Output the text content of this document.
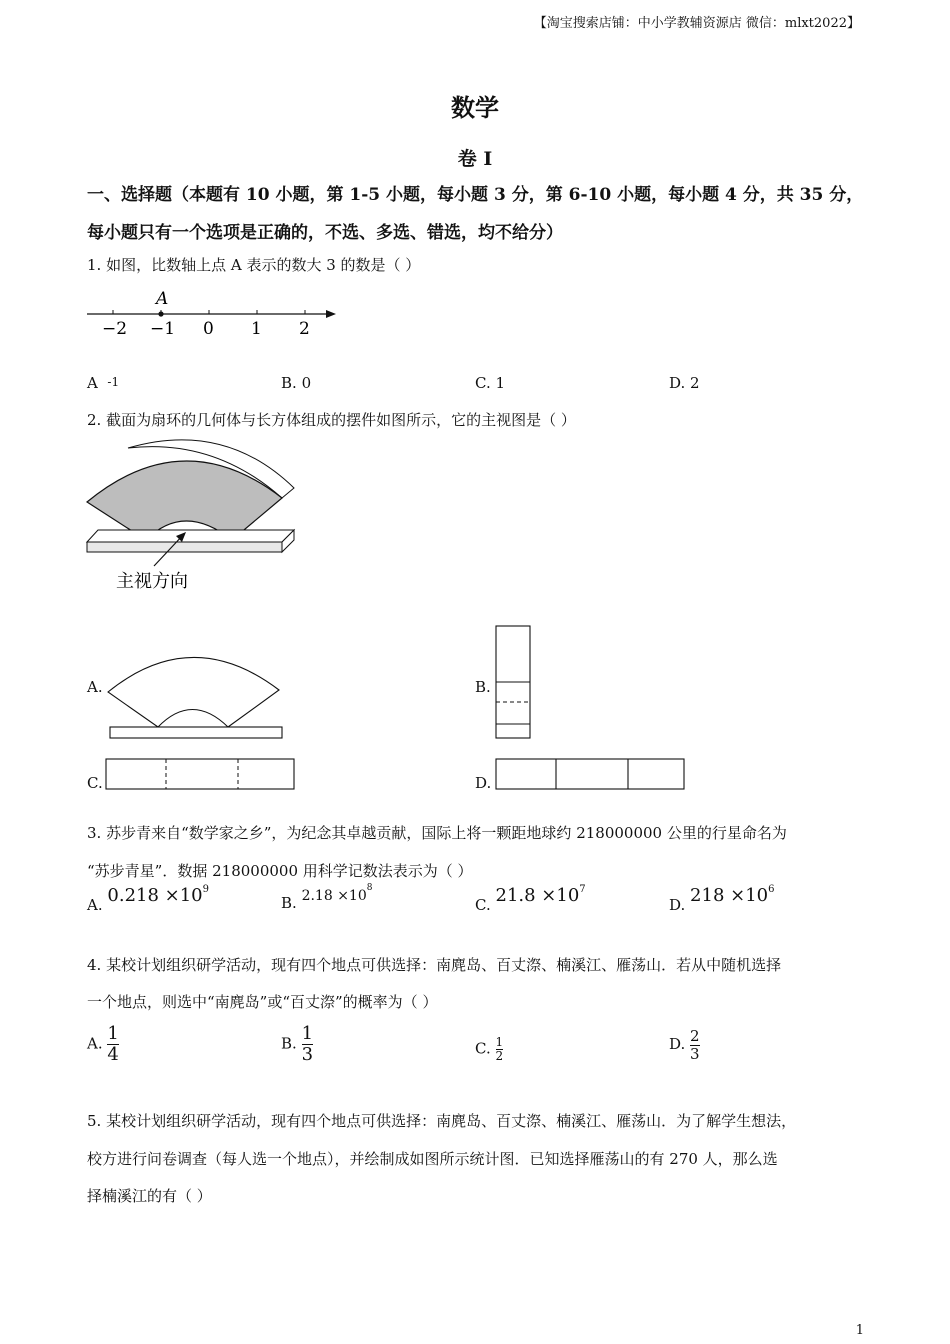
【淘宝搜索店铺：中小学教辅资源店 微信：mlxt2022】
数学
卷 I
一、选择题（本题有 10 小题，第 1-5 小题，每小题 3 分，第 6-10 小题，每小题 4 分，共 35 分，
每小题只有一个选项是正确的，不选、多选、错选，均不给分）
1. 如图，比数轴上点 A 表示的数大 3 的数是（ ）
A
−2 −1 0 1 2
A -1	B. 0	C. 1	D. 2
2. 截面为扇环的几何体与长方体组成的摆件如图所示，它的主视图是（ ）
主视方向
A.	B.
C.	D.
3. 苏步青来自“数学家之乡”，为纪念其卓越贡献，国际上将一颗距地球约 218000000 公里的行星命名为
“苏步青星”．数据 218000000 用科学记数法表示为（ ）
A. $0.218 \times 10^9$
B. $2.18 \times 10^8$
C. $21.8 \times 10^7$
D. $218 \times 10^6$
4. 某校计划组织研学活动，现有四个地点可供选择：南麂岛、百丈漈、楠溪江、雁荡山．若从中随机选择
一个地点，则选中“南麂岛”或“百丈漈”的概率为（ ）
A. $\frac{1}{4}$	B. $\frac{1}{3}$	C. $\frac{1}{2}$	D. $\frac{2}{3}$
5. 某校计划组织研学活动，现有四个地点可供选择：南麂岛、百丈漈、楠溪江、雁荡山．为了解学生想法，
校方进行问卷调查（每人选一个地点），并绘制成如图所示统计图．已知选择雁荡山的有 270 人，那么选
择楠溪江的有（ ）
1
